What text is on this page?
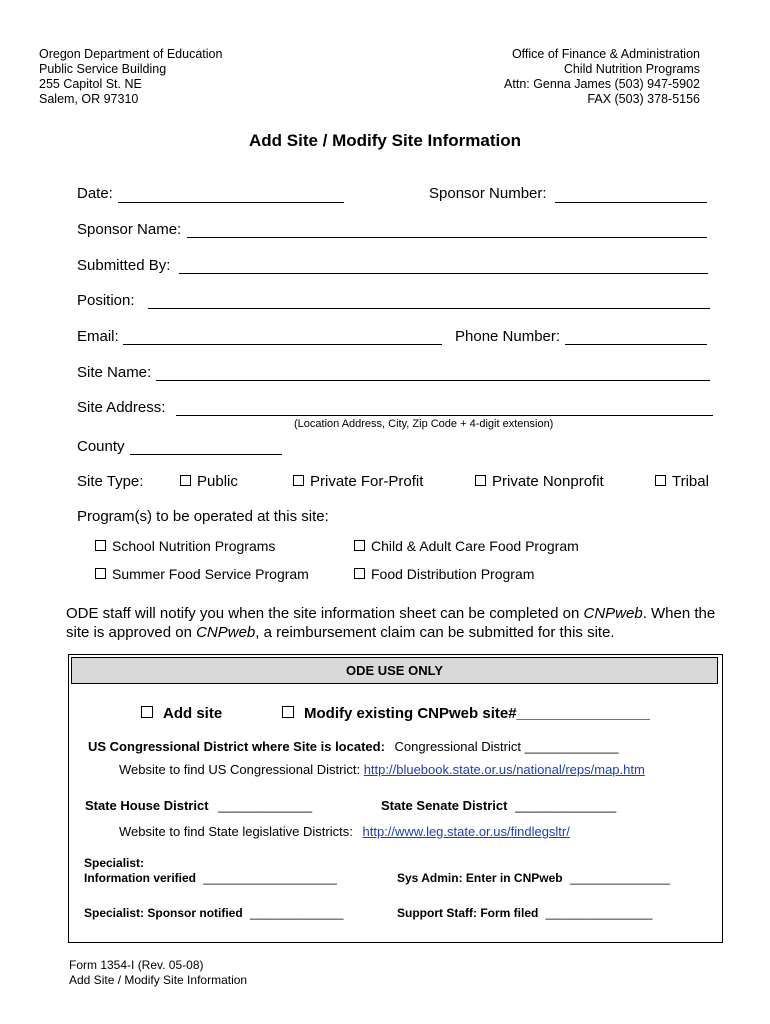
Oregon Department of Education
Public Service Building
255 Capitol St. NE
Salem, OR 97310
Office of Finance & Administration
Child Nutrition Programs
Attn: Genna James (503) 947-5902
FAX (503) 378-5156
Add Site / Modify Site Information
Date:	Sponsor Number:
Sponsor Name:
Submitted By:
Position:
Email:	Phone Number:
Site Name:
Site Address:
(Location Address, City, Zip Code + 4-digit extension)
County
Site Type:	Public	Private For-Profit	Private Nonprofit	Tribal
Program(s) to be operated at this site:
School Nutrition Programs	Child & Adult Care Food Program
Summer Food Service Program	Food Distribution Program
ODE staff will notify you when the site information sheet can be completed on CNPweb. When the
site is approved on CNPweb, a reimbursement claim can be submitted for this site.
ODE USE ONLY
Add site	Modify existing CNPweb site#________________
US Congressional District where Site is located: Congressional District _____________
Website to find US Congressional District: http://bluebook.state.or.us/national/reps/map.htm
State House District _____________	State Senate District ______________
Website to find State legislative Districts: http://www.leg.state.or.us/findlegsltr/
Specialist:
Information verified ____________________	Sys Admin: Enter in CNPweb _______________
Specialist: Sponsor notified ______________	Support Staff: Form filed ________________
Form 1354-I (Rev. 05-08)
Add Site / Modify Site Information
